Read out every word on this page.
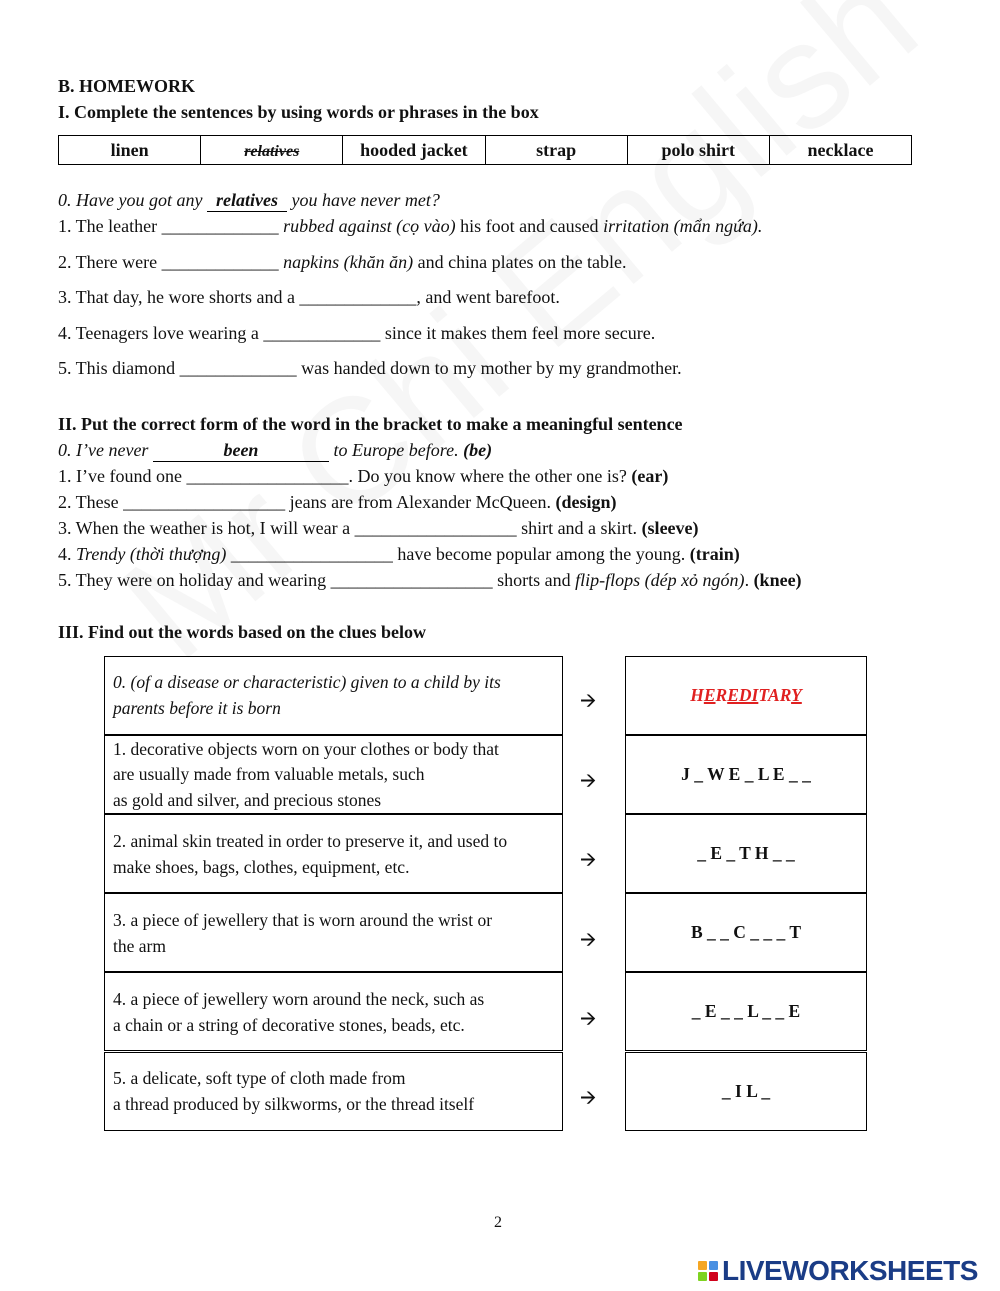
B. HOMEWORK
I. Complete the sentences by using words or phrases in the box
linen	relatives	hooded jacket	strap	polo shirt	necklace
0. Have you got any relatives you have never met?
1. The leather _____________ rubbed against (cọ vào) his foot and caused irritation (mẩn ngứa).
2. There were _____________ napkins (khăn ăn) and china plates on the table.
3. That day, he wore shorts and a _____________, and went barefoot.
4. Teenagers love wearing a _____________ since it makes them feel more secure.
5. This diamond _____________ was handed down to my mother by my grandmother.
II. Put the correct form of the word in the bracket to make a meaningful sentence
0. I’ve never	been	to Europe before. (be)
1. I’ve found one __________________. Do you know where the other one is? (ear)
2. These __________________ jeans are from Alexander McQueen. (design)
3. When the weather is hot, I will wear a __________________ shirt and a skirt. (sleeve)
4. Trendy (thời thượng) __________________ have become popular among the young. (train)
5. They were on holiday and wearing __________________ shorts and flip-flops (dép xỏ ngón). (knee)
III. Find out the words based on the clues below
0. (of a disease or characteristic) given to a child by its
parents before it is born	🡪	HEREDITARY
1. decorative objects worn on your clothes or body that
are usually made from valuable metals, such
as gold and silver, and precious stones
🡪	J _ W E _ L E _ _
2. animal skin treated in order to preserve it, and used to
make shoes, bags, clothes, equipment, etc.	🡪	_ E _ T H _ _
3. a piece of jewellery that is worn around the wrist or
the arm	🡪	B _ _ C _ _ _ T
4. a piece of jewellery worn around the neck, such as
a chain or a string of decorative stones, beads, etc.	🡪	_ E _ _ L _ _ E
5. a delicate, soft type of cloth made from
a thread produced by silkworms, or the thread itself	🡪	_ I L _
2
LIVEWORKSHEETS
